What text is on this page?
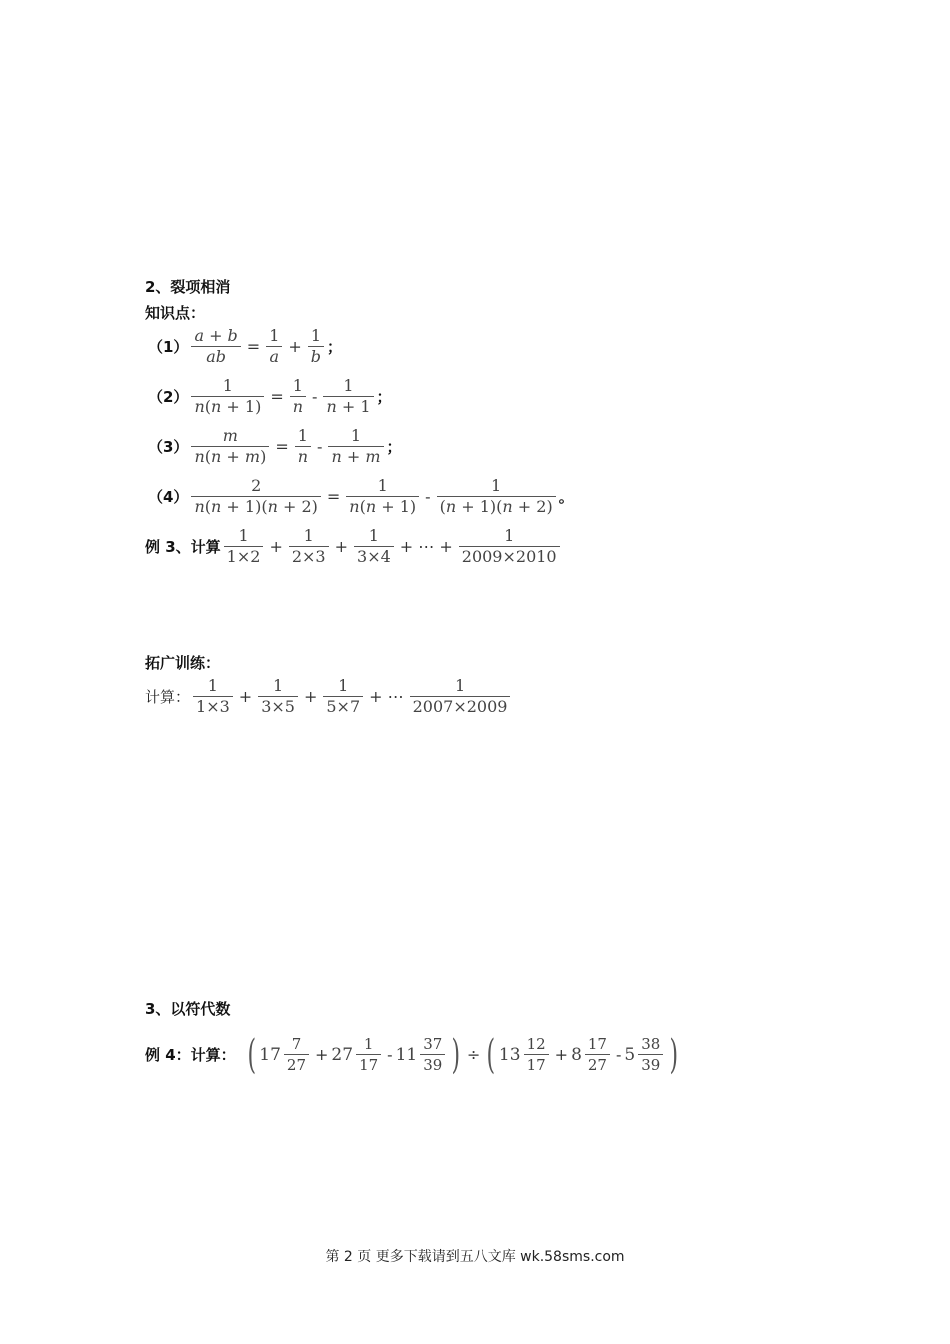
2、裂项相消
知识点：
$(1) \frac{a + b}{ab} = \frac{1}{a} + \frac{1}{b}$ ；
$(2) \frac{1}{n(n + 1)} = \frac{1}{n} - \frac{1}{n + 1}$ ；
$(3) \frac{m}{n(n + m)} = \frac{1}{n} - \frac{1}{n + m}$ ；
$(4) \frac{2}{n(n + 1)(n + 2)} = \frac{1}{n(n + 1)} - \frac{1}{(n + 1)(n + 2)}$ 。
例 3、计算 $\frac{1}{1\times 2} + \frac{1}{2\times 3} + \frac{1}{3\times 4}$ + ⋯ + $\frac{1}{2009\times 2010}$
拓广训练：
计算： $\frac{1}{1\times 3} + \frac{1}{3\times 5} + \frac{1}{5\times 7}$ + ⋯ $\frac{1}{2007\times 2009}$
3、以符代数
例 4：计算： ( $17 \frac{7}{27} + 27 \frac{1}{17} - 11 \frac{37}{39}$ ) ÷ ( $13 \frac{12}{17} + 8 \frac{17}{27} - 5 \frac{38}{39}$ )
第 2 页 更多下载请到五八文库 wk.58sms.com
